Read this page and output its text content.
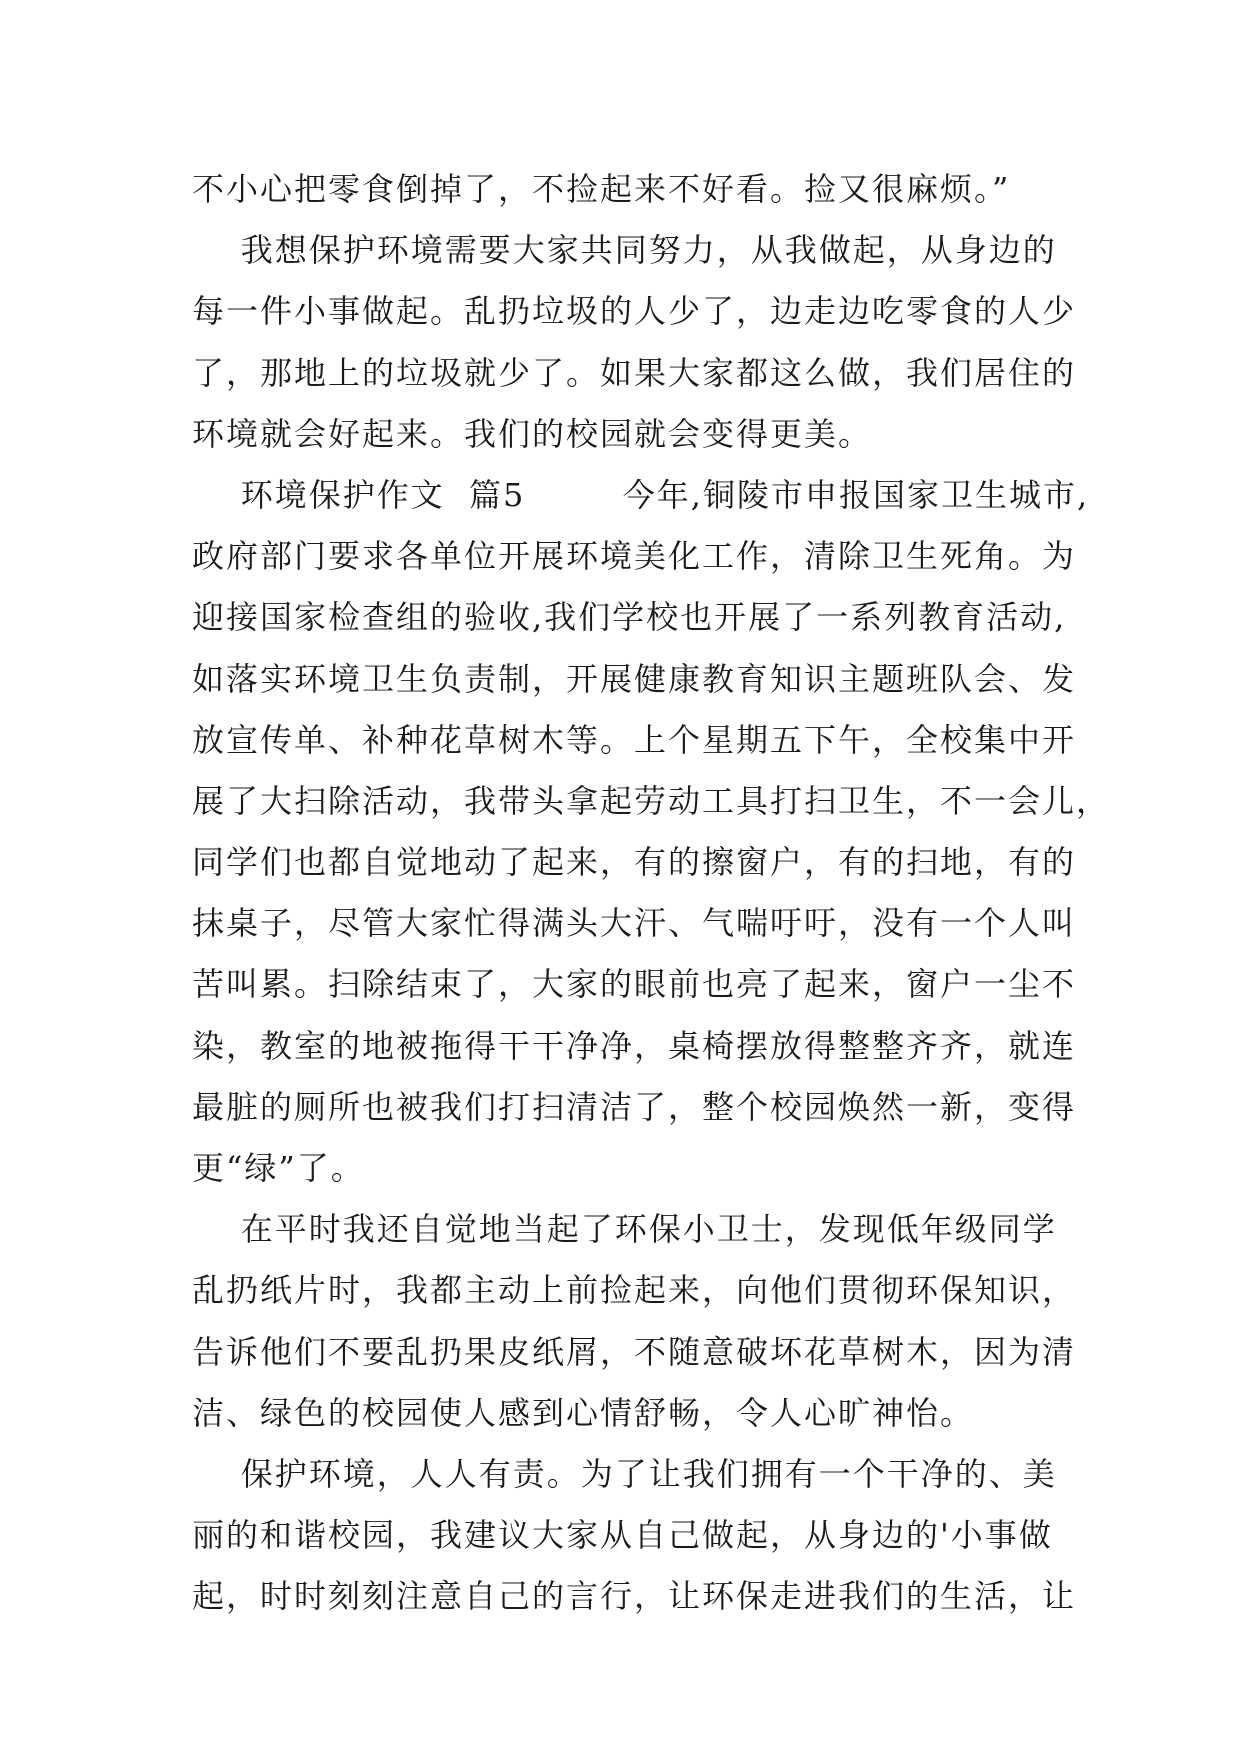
不小心把零食倒掉了，不捡起来不好看。捡又很麻烦。”
我想保护环境需要大家共同努力，从我做起，从身边的
每一件小事做起。乱扔垃圾的人少了，边走边吃零食的人少
了，那地上的垃圾就少了。如果大家都这么做，我们居住的
环境就会好起来。我们的校园就会变得更美。
环境保护作文  篇5        今年,铜陵市申报国家卫生城市,
政府部门要求各单位开展环境美化工作，清除卫生死角。为
迎接国家检查组的验收,我们学校也开展了一系列教育活动,
如落实环境卫生负责制，开展健康教育知识主题班队会、发
放宣传单、补种花草树木等。上个星期五下午，全校集中开
展了大扫除活动，我带头拿起劳动工具打扫卫生，不一会儿，
同学们也都自觉地动了起来，有的擦窗户，有的扫地，有的
抹桌子，尽管大家忙得满头大汗、气喘吁吁，没有一个人叫
苦叫累。扫除结束了，大家的眼前也亮了起来，窗户一尘不
染，教室的地被拖得干干净净，桌椅摆放得整整齐齐，就连
最脏的厕所也被我们打扫清洁了，整个校园焕然一新，变得
更“绿”了。
在平时我还自觉地当起了环保小卫士，发现低年级同学
乱扔纸片时，我都主动上前捡起来，向他们贯彻环保知识，
告诉他们不要乱扔果皮纸屑，不随意破坏花草树木，因为清
洁、绿色的校园使人感到心情舒畅，令人心旷神怡。
保护环境，人人有责。为了让我们拥有一个干净的、美
丽的和谐校园，我建议大家从自己做起，从身边的'小事做
起，时时刻刻注意自己的言行，让环保走进我们的生活，让
